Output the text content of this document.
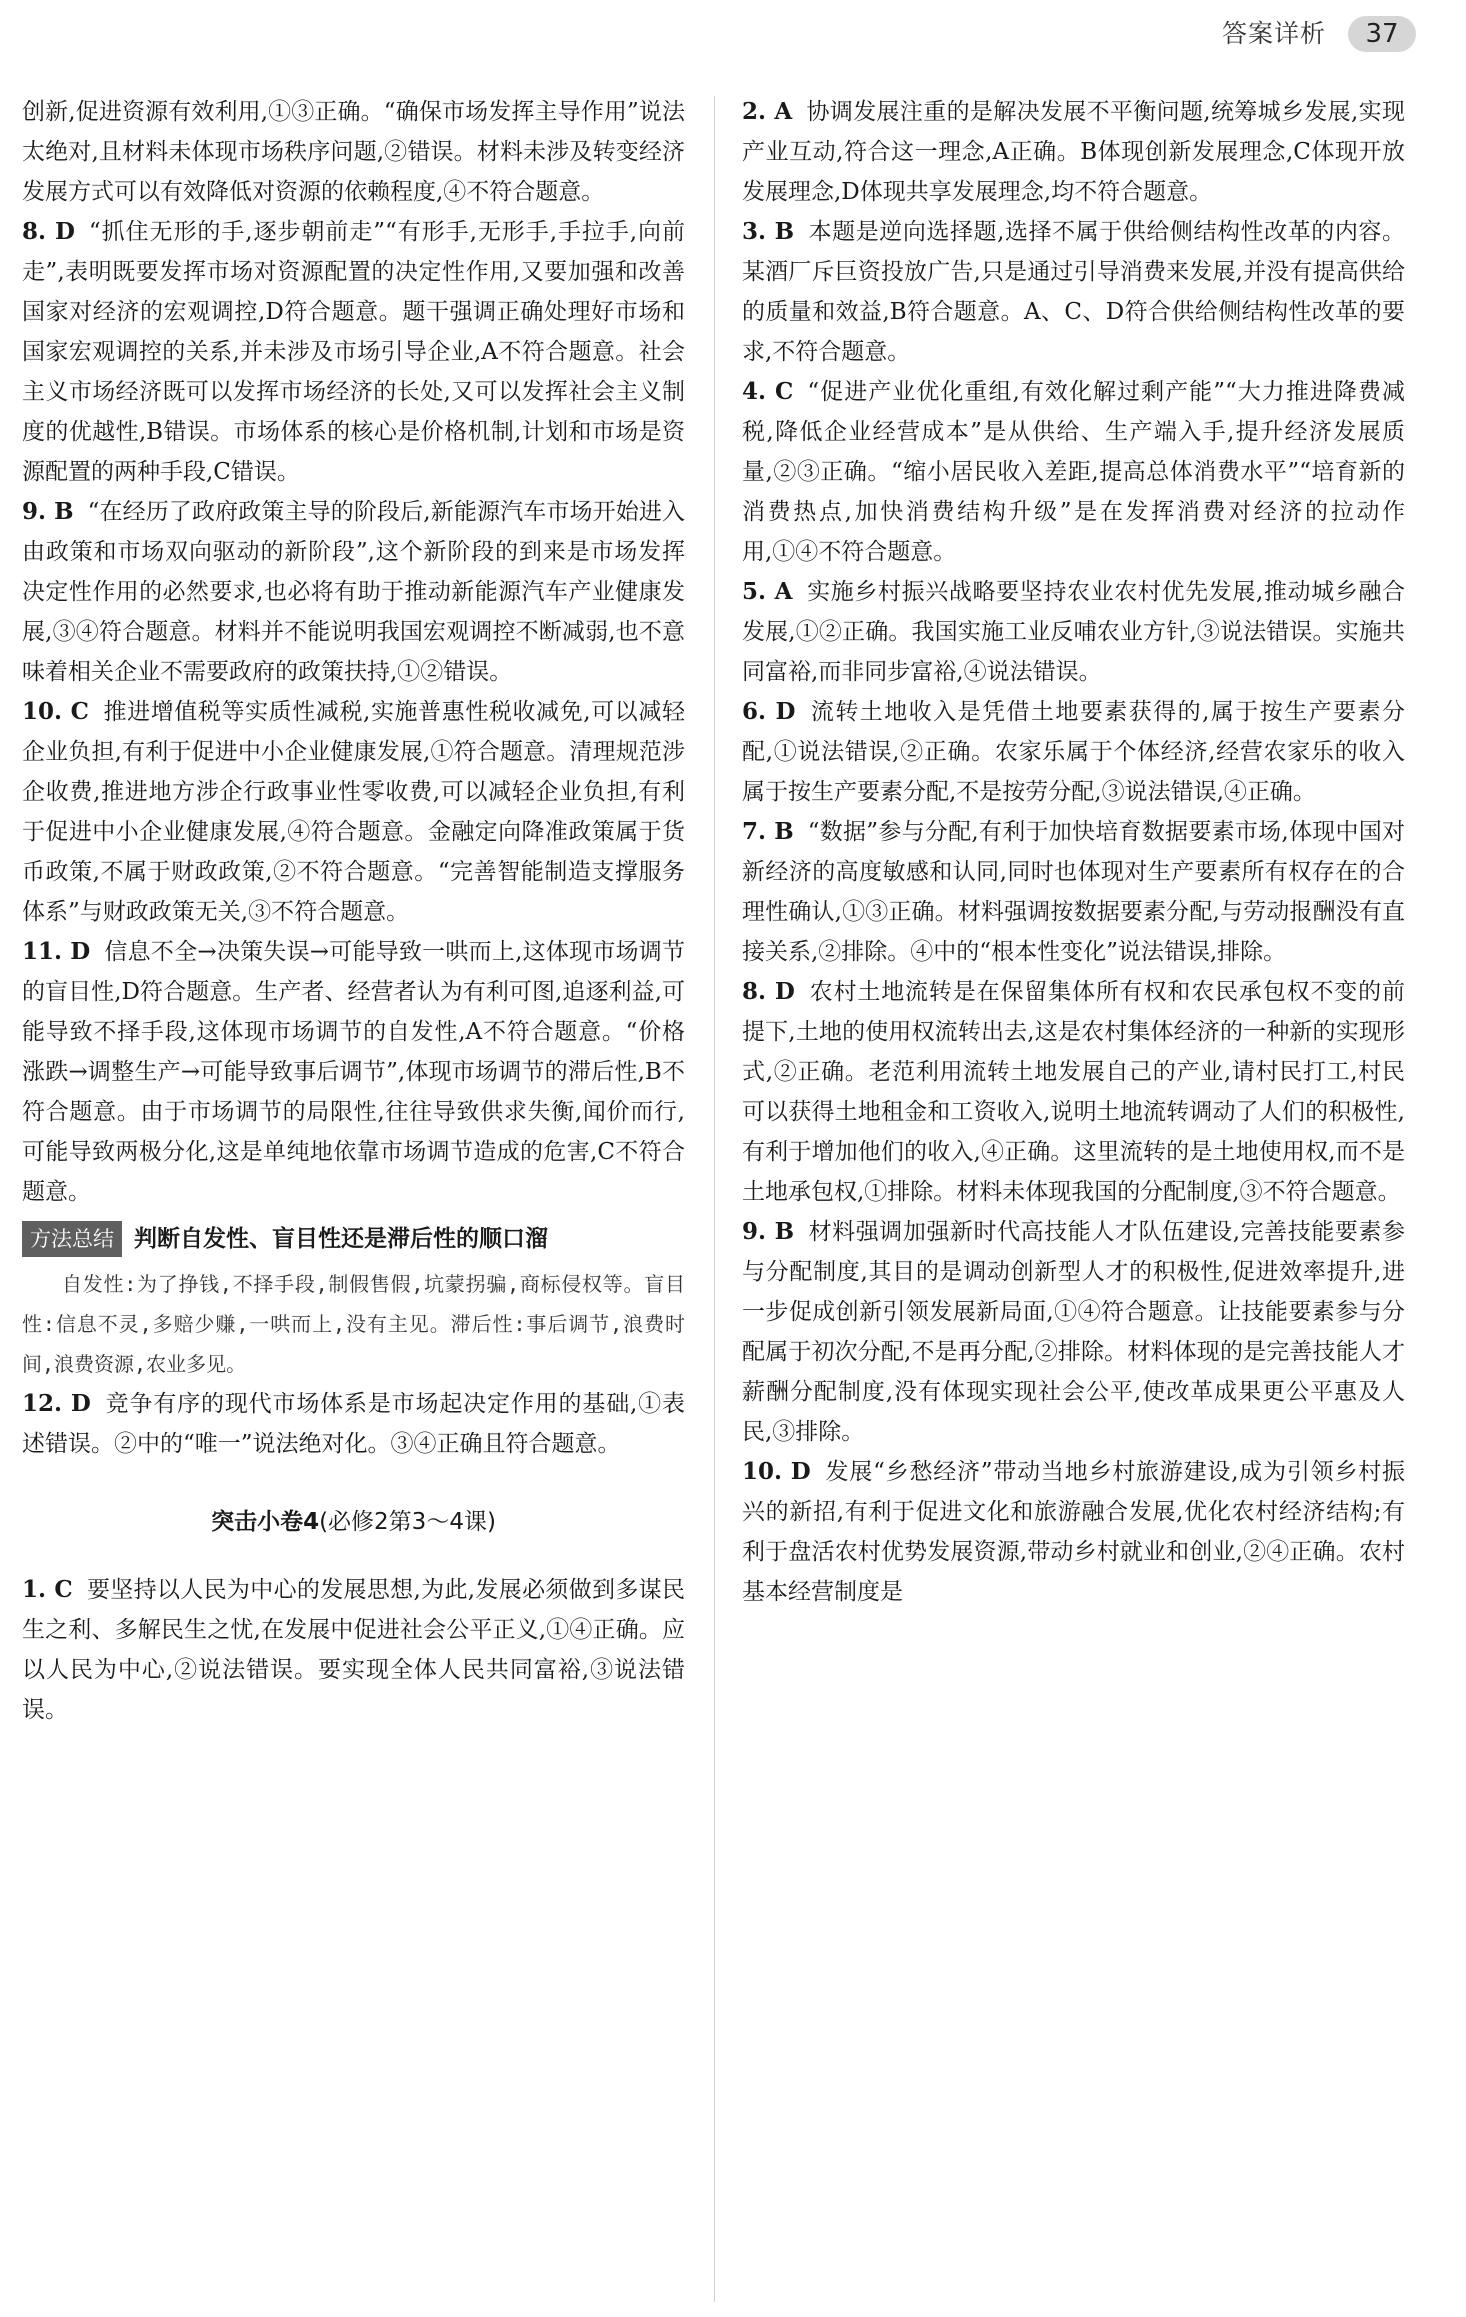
答案详析	37

创新,促进资源有效利用,①③正确。“确保市场发挥主导作用”说法太绝对,且材料未体现市场秩序问题,②错误。材料未涉及转变经济发展方式可以有效降低对资源的依赖程度,④不符合题意。

8. D “抓住无形的手,逐步朝前走”“有形手,无形手,手拉手,向前走”,表明既要发挥市场对资源配置的决定性作用,又要加强和改善国家对经济的宏观调控,D符合题意。题干强调正确处理好市场和国家宏观调控的关系,并未涉及市场引导企业,A不符合题意。社会主义市场经济既可以发挥市场经济的长处,又可以发挥社会主义制度的优越性,B错误。市场体系的核心是价格机制,计划和市场是资源配置的两种手段,C错误。

9. B “在经历了政府政策主导的阶段后,新能源汽车市场开始进入由政策和市场双向驱动的新阶段”,这个新阶段的到来是市场发挥决定性作用的必然要求,也必将有助于推动新能源汽车产业健康发展,③④符合题意。材料并不能说明我国宏观调控不断减弱,也不意味着相关企业不需要政府的政策扶持,①②错误。

10. C 推进增值税等实质性减税,实施普惠性税收减免,可以减轻企业负担,有利于促进中小企业健康发展,①符合题意。清理规范涉企收费,推进地方涉企行政事业性零收费,可以减轻企业负担,有利于促进中小企业健康发展,④符合题意。金融定向降准政策属于货币政策,不属于财政政策,②不符合题意。“完善智能制造支撑服务体系”与财政政策无关,③不符合题意。

11. D 信息不全→决策失误→可能导致一哄而上,这体现市场调节的盲目性,D符合题意。生产者、经营者认为有利可图,追逐利益,可能导致不择手段,这体现市场调节的自发性,A不符合题意。“价格涨跌→调整生产→可能导致事后调节”,体现市场调节的滞后性,B不符合题意。由于市场调节的局限性,往往导致供求失衡,闻价而行,可能导致两极分化,这是单纯地依靠市场调节造成的危害,C不符合题意。

方法总结 判断自发性、盲目性还是滞后性的顺口溜

自发性:为了挣钱,不择手段,制假售假,坑蒙拐骗,商标侵权等。盲目性:信息不灵,多赔少赚,一哄而上,没有主见。滞后性:事后调节,浪费时间,浪费资源,农业多见。

12. D 竞争有序的现代市场体系是市场起决定作用的基础,①表述错误。②中的“唯一”说法绝对化。③④正确且符合题意。

突击小卷4(必修2第3～4课)

1. C 要坚持以人民为中心的发展思想,为此,发展必须做到多谋民生之利、多解民生之忧,在发展中促进社会公平正义,①④正确。应以人民为中心,②说法错误。要实现全体人民共同富裕,③说法错误。

2. A 协调发展注重的是解决发展不平衡问题,统筹城乡发展,实现产业互动,符合这一理念,A正确。B体现创新发展理念,C体现开放发展理念,D体现共享发展理念,均不符合题意。

3. B 本题是逆向选择题,选择不属于供给侧结构性改革的内容。某酒厂斥巨资投放广告,只是通过引导消费来发展,并没有提高供给的质量和效益,B符合题意。A、C、D符合供给侧结构性改革的要求,不符合题意。

4. C “促进产业优化重组,有效化解过剩产能”“大力推进降费减税,降低企业经营成本”是从供给、生产端入手,提升经济发展质量,②③正确。“缩小居民收入差距,提高总体消费水平”“培育新的消费热点,加快消费结构升级”是在发挥消费对经济的拉动作用,①④不符合题意。

5. A 实施乡村振兴战略要坚持农业农村优先发展,推动城乡融合发展,①②正确。我国实施工业反哺农业方针,③说法错误。实施共同富裕,而非同步富裕,④说法错误。

6. D 流转土地收入是凭借土地要素获得的,属于按生产要素分配,①说法错误,②正确。农家乐属于个体经济,经营农家乐的收入属于按生产要素分配,不是按劳分配,③说法错误,④正确。

7. B “数据”参与分配,有利于加快培育数据要素市场,体现中国对新经济的高度敏感和认同,同时也体现对生产要素所有权存在的合理性确认,①③正确。材料强调按数据要素分配,与劳动报酬没有直接关系,②排除。④中的“根本性变化”说法错误,排除。

8. D 农村土地流转是在保留集体所有权和农民承包权不变的前提下,土地的使用权流转出去,这是农村集体经济的一种新的实现形式,②正确。老范利用流转土地发展自己的产业,请村民打工,村民可以获得土地租金和工资收入,说明土地流转调动了人们的积极性,有利于增加他们的收入,④正确。这里流转的是土地使用权,而不是土地承包权,①排除。材料未体现我国的分配制度,③不符合题意。

9. B 材料强调加强新时代高技能人才队伍建设,完善技能要素参与分配制度,其目的是调动创新型人才的积极性,促进效率提升,进一步促成创新引领发展新局面,①④符合题意。让技能要素参与分配属于初次分配,不是再分配,②排除。材料体现的是完善技能人才薪酬分配制度,没有体现实现社会公平,使改革成果更公平惠及人民,③排除。

10. D 发展“乡愁经济”带动当地乡村旅游建设,成为引领乡村振兴的新招,有利于促进文化和旅游融合发展,优化农村经济结构;有利于盘活农村优势发展资源,带动乡村就业和创业,②④正确。农村基本经营制度是
